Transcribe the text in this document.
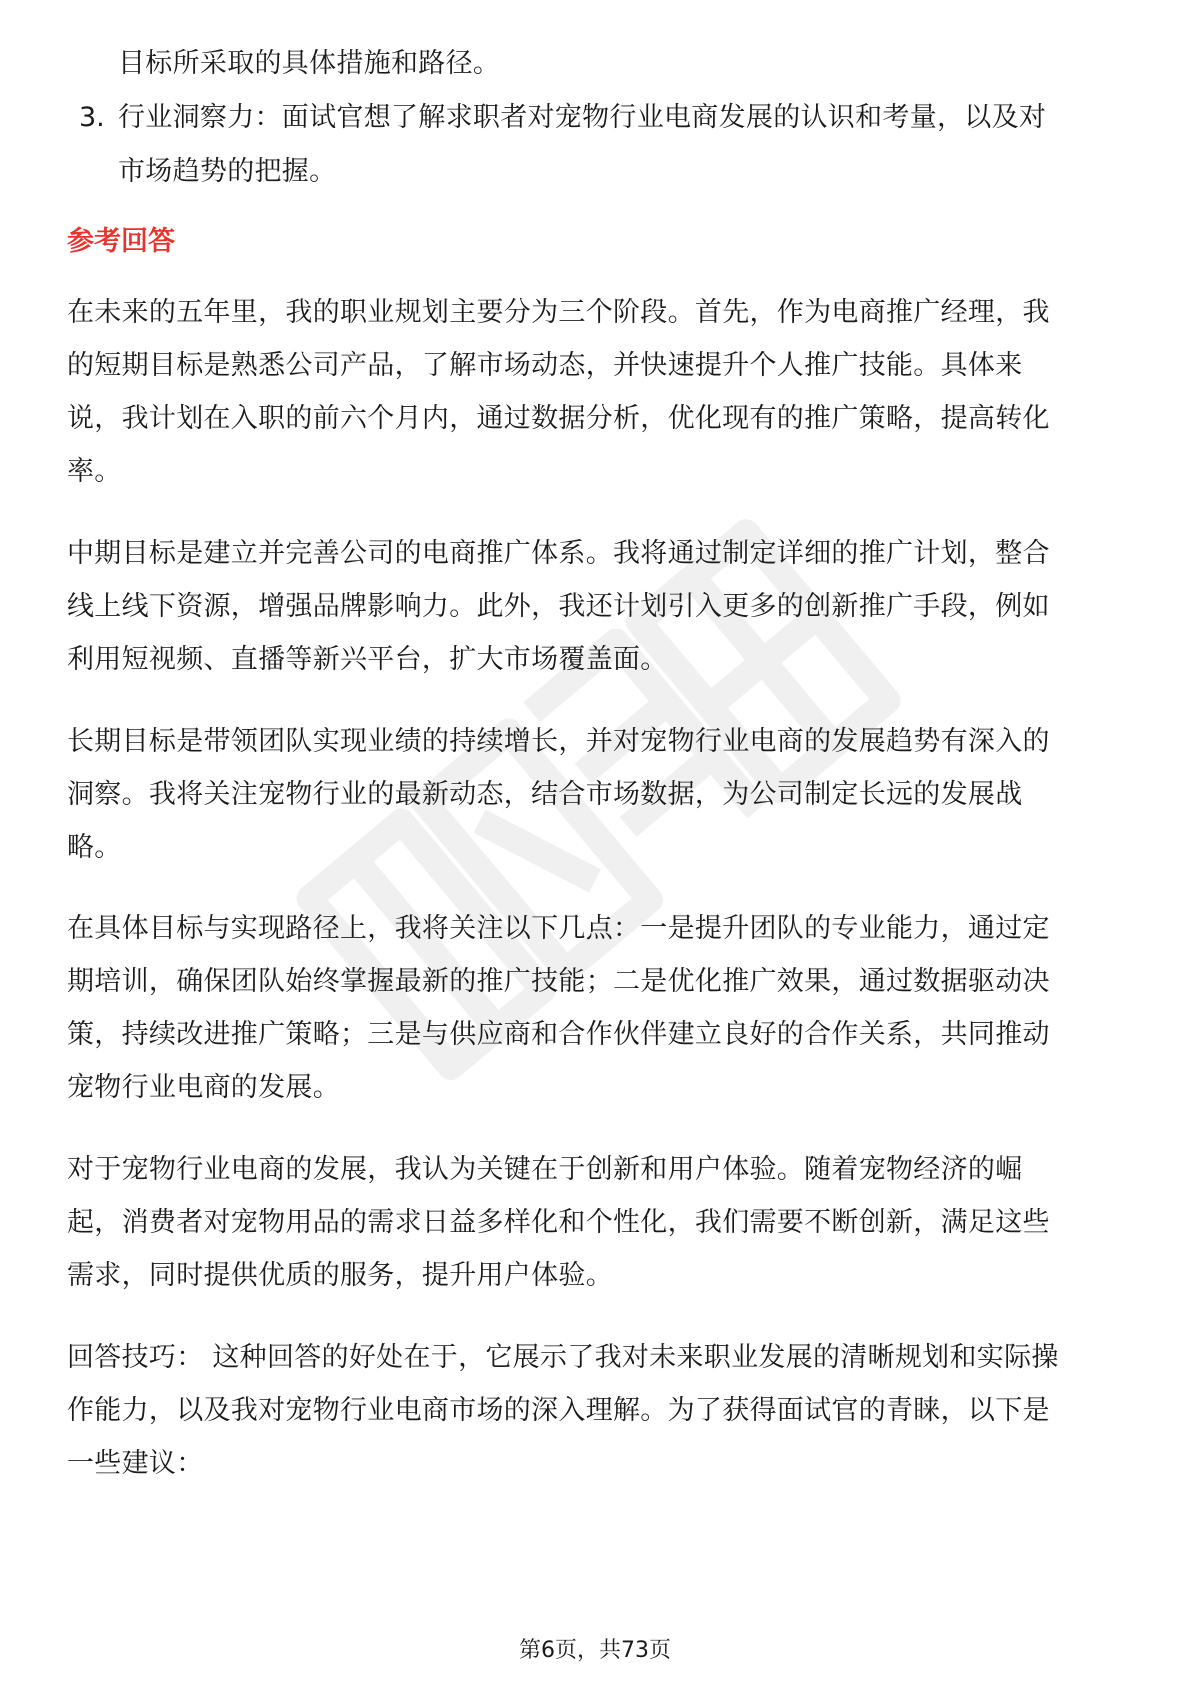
目标所采取的具体措施和路径。
3. 行业洞察力：面试官想了解求职者对宠物行业电商发展的认识和考量，以及对
市场趋势的把握。
参考回答
在未来的五年里，我的职业规划主要分为三个阶段。首先，作为电商推广经理，我
的短期目标是熟悉公司产品，了解市场动态，并快速提升个人推广技能。具体来
说，我计划在入职的前六个月内，通过数据分析，优化现有的推广策略，提高转化
率。
中期目标是建立并完善公司的电商推广体系。我将通过制定详细的推广计划，整合
线上线下资源，增强品牌影响力。此外，我还计划引入更多的创新推广手段，例如
利用短视频、直播等新兴平台，扩大市场覆盖面。
长期目标是带领团队实现业绩的持续增长，并对宠物行业电商的发展趋势有深入的
洞察。我将关注宠物行业的最新动态，结合市场数据，为公司制定长远的发展战
略。
在具体目标与实现路径上，我将关注以下几点：一是提升团队的专业能力，通过定
期培训，确保团队始终掌握最新的推广技能；二是优化推广效果，通过数据驱动决
策，持续改进推广策略；三是与供应商和合作伙伴建立良好的合作关系，共同推动
宠物行业电商的发展。
对于宠物行业电商的发展，我认为关键在于创新和用户体验。随着宠物经济的崛
起，消费者对宠物用品的需求日益多样化和个性化，我们需要不断创新，满足这些
需求，同时提供优质的服务，提升用户体验。
回答技巧： 这种回答的好处在于，它展示了我对未来职业发展的清晰规划和实际操
作能力，以及我对宠物行业电商市场的深入理解。为了获得面试官的青睐，以下是
一些建议：
第6页，共73页
